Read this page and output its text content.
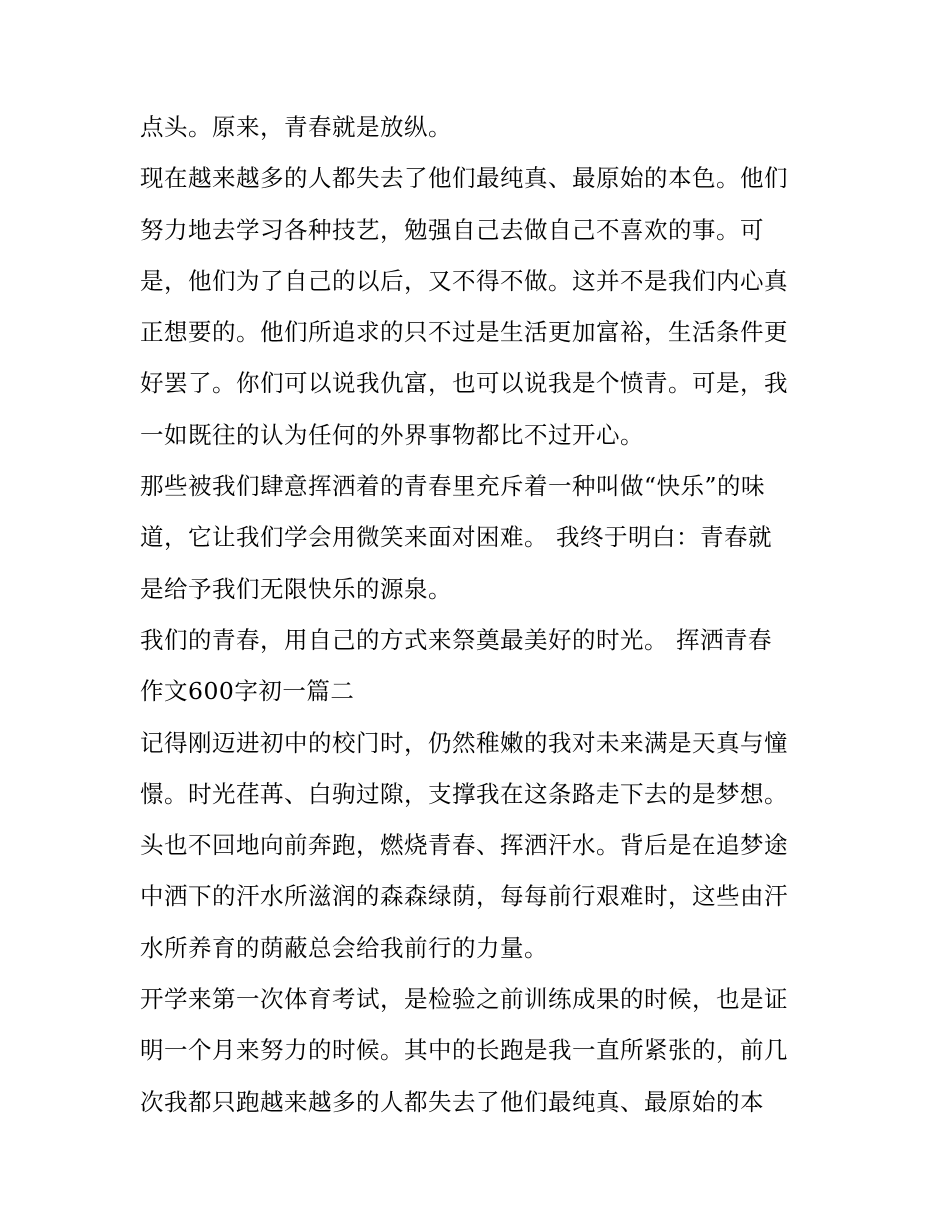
点头。原来，青春就是放纵。
现在越来越多的人都失去了他们最纯真、最原始的本色。他们
努力地去学习各种技艺，勉强自己去做自己不喜欢的事。可
是，他们为了自己的以后，又不得不做。这并不是我们内心真
正想要的。他们所追求的只不过是生活更加富裕，生活条件更
好罢了。你们可以说我仇富，也可以说我是个愤青。可是，我
一如既往的认为任何的外界事物都比不过开心。
那些被我们肆意挥洒着的青春里充斥着一种叫做“快乐”的味
道，它让我们学会用微笑来面对困难。 我终于明白：青春就
是给予我们无限快乐的源泉。
我们的青春，用自己的方式来祭奠最美好的时光。 挥洒青春
作文600字初一篇二
记得刚迈进初中的校门时，仍然稚嫩的我对未来满是天真与憧
憬。时光荏苒、白驹过隙，支撑我在这条路走下去的是梦想。
头也不回地向前奔跑，燃烧青春、挥洒汗水。背后是在追梦途
中洒下的汗水所滋润的森森绿荫，每每前行艰难时，这些由汗
水所养育的荫蔽总会给我前行的力量。
开学来第一次体育考试，是检验之前训练成果的时候，也是证
明一个月来努力的时候。其中的长跑是我一直所紧张的，前几
次我都只跑越来越多的人都失去了他们最纯真、最原始的本
